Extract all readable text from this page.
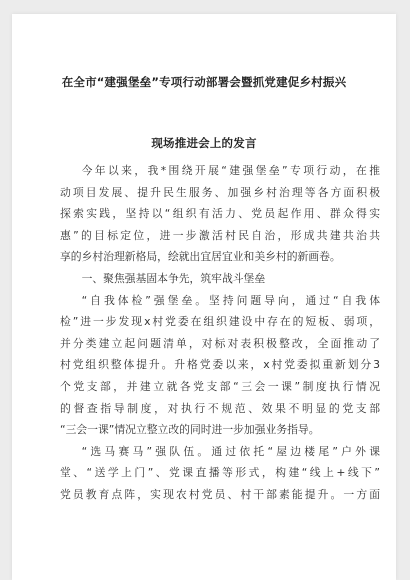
在全市“建强堡垒”专项行动部署会暨抓党建促乡村振兴
现场推进会上的发言
今年以来，我*围绕开展“建强堡垒”专项行动，在推
动项目发展、提升民生服务、加强乡村治理等各方面积极
探索实践，坚持以“组织有活力、党员起作用、群众得实
惠”的目标定位，进一步激活村民自治，形成共建共治共
享的乡村治理新格局，绘就出宜居宜业和美乡村的新画卷。
一、聚焦强基固本争先，筑牢战斗堡垒
“自我体检”强堡垒。坚持问题导向，通过“自我体
检”进一步发现x村党委在组织建设中存在的短板、弱项，
并分类建立起问题清单，对标对表积极整改，全面推动了
村党组织整体提升。升格党委以来，x村党委拟重新划分3
个党支部，并建立就各党支部“三会一课”制度执行情况
的督查指导制度，对执行不规范、效果不明显的党支部
“三会一课”情况立整立改的同时进一步加强业务指导。
“选马赛马”强队伍。通过依托“屋边楼尾”户外课
堂、“送学上门”、党课直播等形式，构建“线上+线下”
党员教育点阵，实现农村党员、村干部素能提升。一方面
